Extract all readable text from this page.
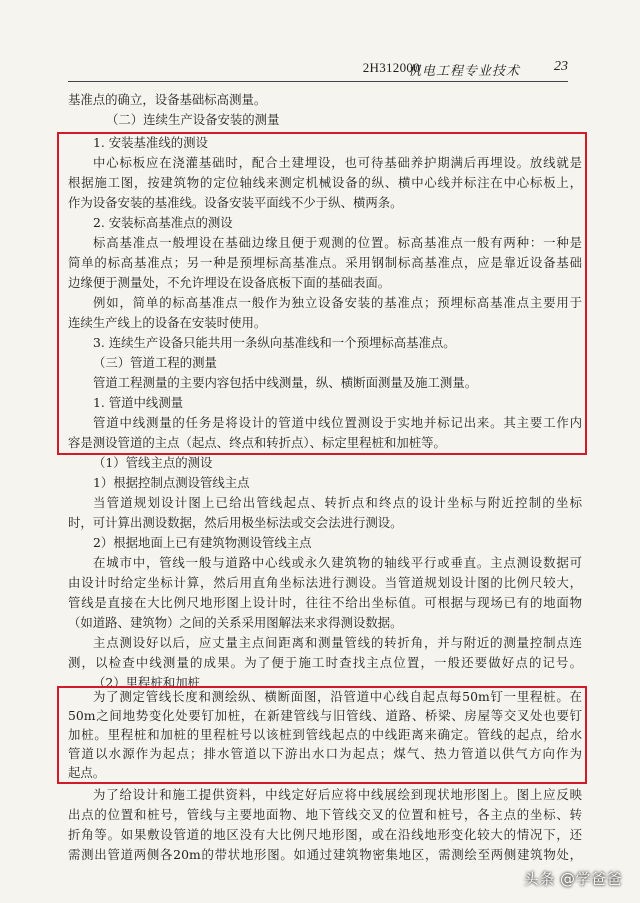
2H312000
机电工程专业技术 23
基准点的确立，设备基础标高测量。
（二）连续生产设备安装的测量
1. 安装基准线的测设
中心标板应在浇灌基础时，配合土建埋设，也可待基础养护期满后再埋设。放线就是
根据施工图，按建筑物的定位轴线来测定机械设备的纵、横中心线并标注在中心标板上，
作为设备安装的基准线。设备安装平面线不少于纵、横两条。
2. 安装标高基准点的测设
标高基准点一般埋设在基础边缘且便于观测的位置。标高基准点一般有两种：一种是
简单的标高基准点；另一种是预埋标高基准点。采用钢制标高基准点，应是靠近设备基础
边缘便于测量处，不允许埋设在设备底板下面的基础表面。
例如，简单的标高基准点一般作为独立设备安装的基准点；预埋标高基准点主要用于
连续生产线上的设备在安装时使用。
3. 连续生产设备只能共用一条纵向基准线和一个预埋标高基准点。
（三）管道工程的测量
管道工程测量的主要内容包括中线测量，纵、横断面测量及施工测量。
1. 管道中线测量
管道中线测量的任务是将设计的管道中线位置测设于实地并标记出来。其主要工作内
容是测设管道的主点（起点、终点和转折点）、标定里程桩和加桩等。
（1）管线主点的测设
1）根据控制点测设管线主点
当管道规划设计图上已给出管线起点、转折点和终点的设计坐标与附近控制的坐标
时，可计算出测设数据，然后用极坐标法或交会法进行测设。
2）根据地面上已有建筑物测设管线主点
在城市中，管线一般与道路中心线或永久建筑物的轴线平行或垂直。主点测设数据可
由设计时给定坐标计算，然后用直角坐标法进行测设。当管道规划设计图的比例尺较大，
管线是直接在大比例尺地形图上设计时，往往不给出坐标值。可根据与现场已有的地面物
（如道路、建筑物）之间的关系采用图解法来求得测设数据。
主点测设好以后，应丈量主点间距离和测量管线的转折角，并与附近的测量控制点连
测，以检查中线测量的成果。为了便于施工时查找主点位置，一般还要做好点的记号。
（2）里程桩和加桩
为了测定管线长度和测绘纵、横断面图，沿管道中心线自起点每50m钉一里程桩。在
50m之间地势变化处要钉加桩，在新建管线与旧管线、道路、桥梁、房屋等交叉处也要钉
加桩。里程桩和加桩的里程桩号以该桩到管线起点的中线距离来确定。管线的起点，给水
管道以水源作为起点；排水管道以下游出水口为起点；煤气、热力管道以供气方向作为
起点。
为了给设计和施工提供资料，中线定好后应将中线展绘到现状地形图上。图上应反映
出点的位置和桩号，管线与主要地面物、地下管线交叉的位置和桩号，各主点的坐标、转
折角等。如果敷设管道的地区没有大比例尺地形图，或在沿线地形变化较大的情况下，还
需测出管道两侧各20m的带状地形图。如通过建筑物密集地区，需测绘至两侧建筑物处，
头条 @学爸爸
